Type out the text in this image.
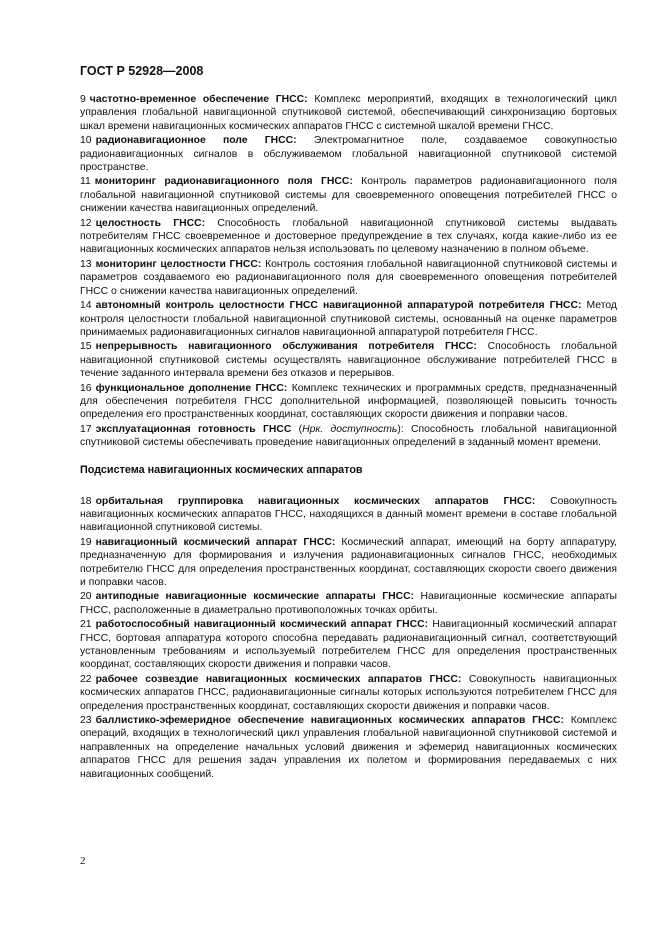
ГОСТ Р 52928—2008

9 частотно-временное обеспечение ГНСС: Комплекс мероприятий, входящих в технологический цикл управления глобальной навигационной спутниковой системой, обеспечивающий синхронизацию бортовых шкал времени навигационных космических аппаратов ГНСС с системной шкалой времени ГНСС.

10 радионавигационное поле ГНСС: Электромагнитное поле, создаваемое совокупностью радионавигационных сигналов в обслуживаемом глобальной навигационной спутниковой системой пространстве.

11 мониторинг радионавигационного поля ГНСС: Контроль параметров радионавигационного поля глобальной навигационной спутниковой системы для своевременного оповещения потребителей ГНСС о снижении качества навигационных определений.

12 целостность ГНСС: Способность глобальной навигационной спутниковой системы выдавать потребителям ГНСС своевременное и достоверное предупреждение в тех случаях, когда какие-либо из ее навигационных космических аппаратов нельзя использовать по целевому назначению в полном объеме.

13 мониторинг целостности ГНСС: Контроль состояния глобальной навигационной спутниковой системы и параметров создаваемого ею радионавигационного поля для своевременного оповещения потребителей ГНСС о снижении качества навигационных определений.

14 автономный контроль целостности ГНСС навигационной аппаратурой потребителя ГНСС: Метод контроля целостности глобальной навигационной спутниковой системы, основанный на оценке параметров принимаемых радионавигационных сигналов навигационной аппаратурой потребителя ГНСС.

15 непрерывность навигационного обслуживания потребителя ГНСС: Способность глобальной навигационной спутниковой системы осуществлять навигационное обслуживание потребителей ГНСС в течение заданного интервала времени без отказов и перерывов.

16 функциональное дополнение ГНСС: Комплекс технических и программных средств, предназначенный для обеспечения потребителя ГНСС дополнительной информацией, позволяющей повысить точность определения его пространственных координат, составляющих скорости движения и поправки часов.

17 эксплуатационная готовность ГНСС (Нрк. доступность): Способность глобальной навигационной спутниковой системы обеспечивать проведение навигационных определений в заданный момент времени.

Подсистема навигационных космических аппаратов

18 орбитальная группировка навигационных космических аппаратов ГНСС: Совокупность навигационных космических аппаратов ГНСС, находящихся в данный момент времени в составе глобальной навигационной спутниковой системы.

19 навигационный космический аппарат ГНСС: Космический аппарат, имеющий на борту аппаратуру, предназначенную для формирования и излучения радионавигационных сигналов ГНСС, необходимых потребителю ГНСС для определения пространственных координат, составляющих скорости своего движения и поправки часов.

20 антиподные навигационные космические аппараты ГНСС: Навигационные космические аппараты ГНСС, расположенные в диаметрально противоположных точках орбиты.

21 работоспособный навигационный космический аппарат ГНСС: Навигационный космический аппарат ГНСС, бортовая аппаратура которого способна передавать радионавигационный сигнал, соответствующий установленным требованиям и используемый потребителем ГНСС для определения пространственных координат, составляющих скорости движения и поправки часов.

22 рабочее созвездие навигационных космических аппаратов ГНСС: Совокупность навигационных космических аппаратов ГНСС, радионавигационные сигналы которых используются потребителем ГНСС для определения пространственных координат, составляющих скорости движения и поправки часов.

23 баллистико-эфемеридное обеспечение навигационных космических аппаратов ГНСС: Комплекс операций, входящих в технологический цикл управления глобальной навигационной спутниковой системой и направленных на определение начальных условий движения и эфемерид навигационных космических аппаратов ГНСС для решения задач управления их полетом и формирования передаваемых с них навигационных сообщений.

2
